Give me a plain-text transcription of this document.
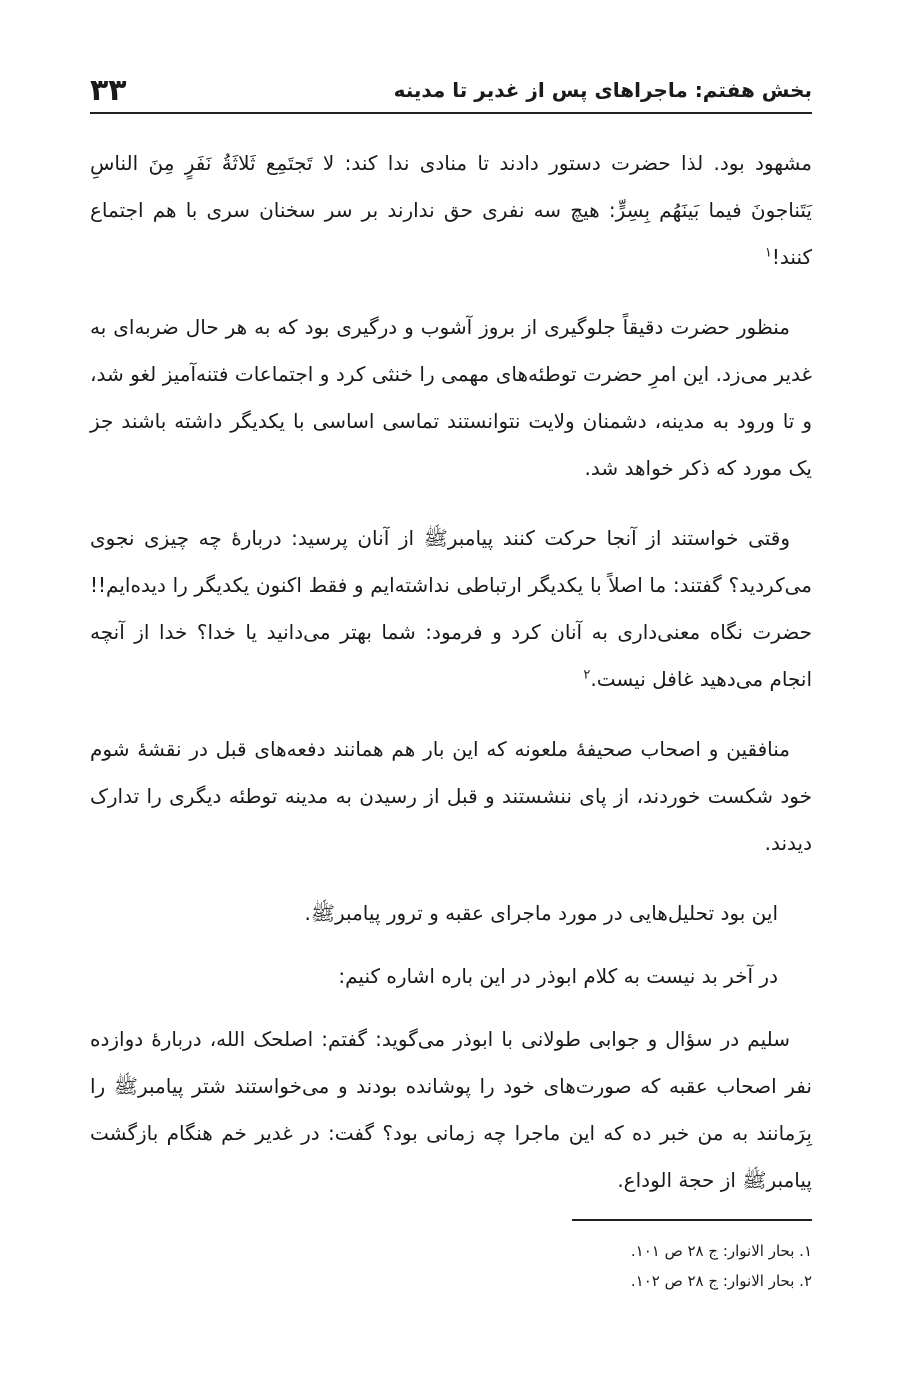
بخش هفتم: ماجراهای پس از غدیر تا مدینه
۳۳

مشهود بود. لذا حضرت دستور دادند تا منادی ندا کند: لا تَجتَمِع ثَلاثَةُ نَفَرٍ مِنَ الناسِ يَتَناجونَ فيما بَينَهُم بِسِرٍّ: هیچ سه نفری حق ندارند بر سر سخنان سری با هم اجتماع کنند!$^۱$

منظور حضرت دقیقاً جلوگیری از بروز آشوب و درگیری بود که به هر حال ضربه‌ای به غدیر می‌زد. این امرِ حضرت توطئه‌های مهمی را خنثی کرد و اجتماعات فتنه‌آمیز لغو شد، و تا ورود به مدینه، دشمنان ولایت نتوانستند تماسی اساسی با یکدیگر داشته باشند جز یک مورد که ذکر خواهد شد.

وقتی خواستند از آنجا حرکت کنند پیامبرﷺ از آنان پرسید: دربارهٔ چه چیزی نجوی می‌کردید؟ گفتند: ما اصلاً با یکدیگر ارتباطی نداشته‌ایم و فقط اکنون یکدیگر را دیده‌ایم!! حضرت نگاه معنی‌داری به آنان کرد و فرمود: شما بهتر می‌دانید یا خدا؟ خدا از آنچه انجام می‌دهید غافل نیست.$^۲$

منافقین و اصحاب صحیفهٔ ملعونه که این بار هم همانند دفعه‌های قبل در نقشهٔ شوم خود شکست خوردند، از پای ننشستند و قبل از رسیدن به مدینه توطئه دیگری را تدارک دیدند.

این بود تحلیل‌هایی در مورد ماجرای عقبه و ترور پیامبرﷺ.

در آخر بد نیست به کلام ابوذر در این باره اشاره کنیم:

سلیم در سؤال و جوابی طولانی با ابوذر می‌گوید: گفتم: اصلحک الله، دربارهٔ دوازده نفر اصحاب عقبه که صورت‌های خود را پوشانده بودند و می‌خواستند شتر پیامبرﷺ را بِرَمانند به من خبر ده که این ماجرا چه زمانی بود؟ گفت: در غدیر خم هنگام بازگشت پیامبرﷺ از حجة الوداع.

۱. بحار الانوار: ج ۲۸ ص ۱۰۱.
۲. بحار الانوار: ج ۲۸ ص ۱۰۲.
